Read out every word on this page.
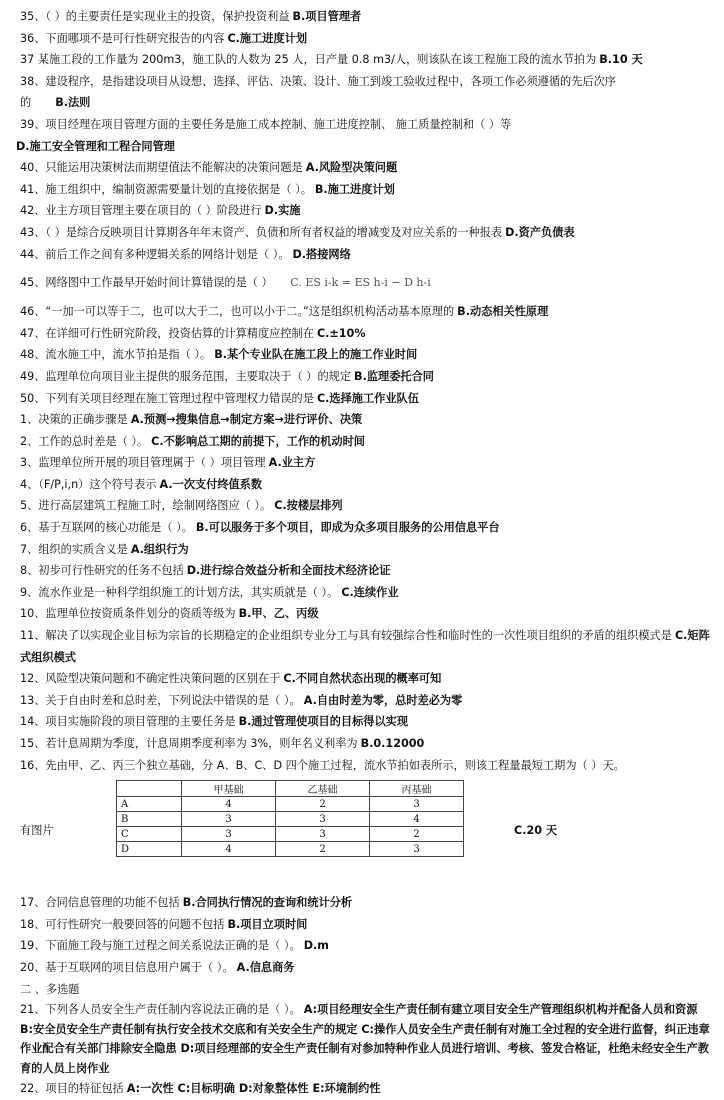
35、（ ）的主要责任是实现业主的投资，保护投资利益 B.项目管理者
36、下面哪项不是可行性研究报告的内容 C.施工进度计划
37 某施工段的工作量为 200m3，施工队的人数为 25 人，日产量 0.8 m3/人，则该队在该工程施工段的流水节拍为 B.10 天
38、建设程序，是指建设项目从设想、选择、评估、决策、设计、施工到竣工验收过程中，各项工作必须遵循的先后次序
的 B.法则
39、项目经理在项目管理方面的主要任务是施工成本控制、施工进度控制、 施工质量控制和（ ）等
D.施工安全管理和工程合同管理
40、只能运用决策树法而期望值法不能解决的决策问题是 A.风险型决策问题
41、施工组织中，编制资源需要量计划的直接依据是（ ）。 B.施工进度计划
42、业主方项目管理主要在项目的（ ）阶段进行 D.实施
43、（ ）是综合反映项目计算期各年年末资产、负债和所有者权益的增减变及对应关系的一种报表 D.资产负债表
44、前后工作之间有多种逻辑关系的网络计划是（ ）。 D.搭接网络
45、网络图中工作最早开始时间计算错误的是（ ） C. ES i-k = ES h-i − D h-i
46、“一加一可以等于二，也可以大于二，也可以小于二。”这是组织机构活动基本原理的 B.动态相关性原理
47、在详细可行性研究阶段，投资估算的计算精度应控制在 C.±10%
48、流水施工中，流水节拍是指（ ）。 B.某个专业队在施工段上的施工作业时间
49、监理单位向项目业主提供的服务范围，主要取决于（ ）的规定 B.监理委托合同
50、下列有关项目经理在施工管理过程中管理权力错误的是 C.选择施工作业队伍
1、决策的正确步骤是 A.预测→搜集信息→制定方案→进行评价、决策
2、工作的总时差是（ ）。 C.不影响总工期的前提下，工作的机动时间
3、监理单位所开展的项目管理属于（ ）项目管理 A.业主方
4、（F/P,i,n）这个符号表示 A.一次支付终值系数
5、进行高层建筑工程施工时，绘制网络图应（ ）。 C.按楼层排列
6、基于互联网的核心功能是（ ）。 B.可以服务于多个项目，即成为众多项目服务的公用信息平台
7、组织的实质含义是 A.组织行为
8、初步可行性研究的任务不包括 D.进行综合效益分析和全面技术经济论证
9、流水作业是一种科学组织施工的计划方法，其实质就是（ ）。 C.连续作业
10、监理单位按资质条件划分的资质等级为 B.甲、乙、丙级
11、解决了以实现企业目标为宗旨的长期稳定的企业组织专业分工与具有较强综合性和临时性的一次性项目组织的矛盾的组织模式是 C.矩阵式组织模式
12、风险型决策问题和不确定性决策问题的区别在于 C.不同自然状态出现的概率可知
13、关于自由时差和总时差，下列说法中错误的是（ ）。 A.自由时差为零，总时差必为零
14、项目实施阶段的项目管理的主要任务是 B.通过管理使项目的目标得以实现
15、若计息周期为季度，计息周期季度利率为 3%，则年名义利率为 B.0.12000
16、先由甲、乙、丙三个独立基础，分 A、B、C、D 四个施工过程，流水节拍如表所示，则该工程量最短工期为（ ）天。
有图片
	甲基础	乙基础	丙基础
A	4	2	3
B	3	3	4
C	3	3	2
D	4	2	3
C.20 天
17、合同信息管理的功能不包括 B.合同执行情况的查询和统计分析
18、可行性研究一般要回答的问题不包括 B.项目立项时间
19、下面施工段与施工过程之间关系说法正确的是（ ）。 D.m
20、基于互联网的项目信息用户属于（ ）。 A.信息商务
二 、多选题
21、下列各人员安全生产责任制内容说法正确的是（ ）。 A:项目经理安全生产责任制有建立项目安全生产管理组织机构并配备人员和资源 B:安全员安全生产责任制有执行安全技术交底和有关安全生产的规定 C:操作人员安全生产责任制有对施工全过程的安全进行监督，纠正违章作业配合有关部门排除安全隐患 D:项目经理部的安全生产责任制有对参加特种作业人员进行培训、考核、签发合格证，杜绝未经安全生产教育的人员上岗作业
22、项目的特征包括 A:一次性 C:目标明确 D:对象整体性 E:环境制约性
